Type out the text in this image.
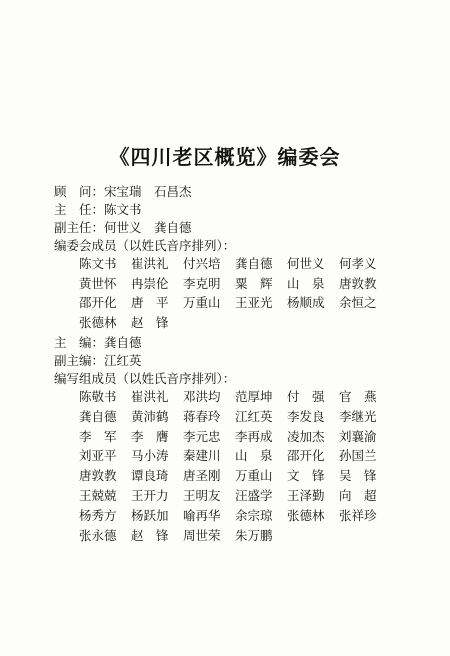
《四川老区概览》编委会
顾　问：宋宝瑞　石昌杰
主　任：陈文书
副主任：何世义　龚自德
编委会成员（以姓氏音序排列）：
陈文书	崔洪礼	付兴培	龚自德	何世义	何孝义
黄世怀	冉崇伦	李克明	粟　辉	山　泉	唐敦教
邵开化	唐　平	万重山	王亚光	杨顺成	余恒之
张德林	赵　锋
主　编：龚自德
副主编：江红英
编写组成员（以姓氏音序排列）：
陈敬书	崔洪礼	邓洪均	范厚坤	付　强	官　燕
龚自德	黄沛鹤	蒋春玲	江红英	李发良	李继光
李　军	李　膺	李元忠	李再成	凌加杰	刘襄渝
刘亚平	马小涛	秦建川	山　泉	邵开化	孙国兰
唐敦教	谭良琦	唐圣刚	万重山	文　锋	吴　锋
王兢兢	王开力	王明友	汪盛学	王泽勤	向　超
杨秀方	杨跃加	喻再华	余宗琼	张德林	张祥珍
张永德	赵　锋	周世荣	朱万鹏
